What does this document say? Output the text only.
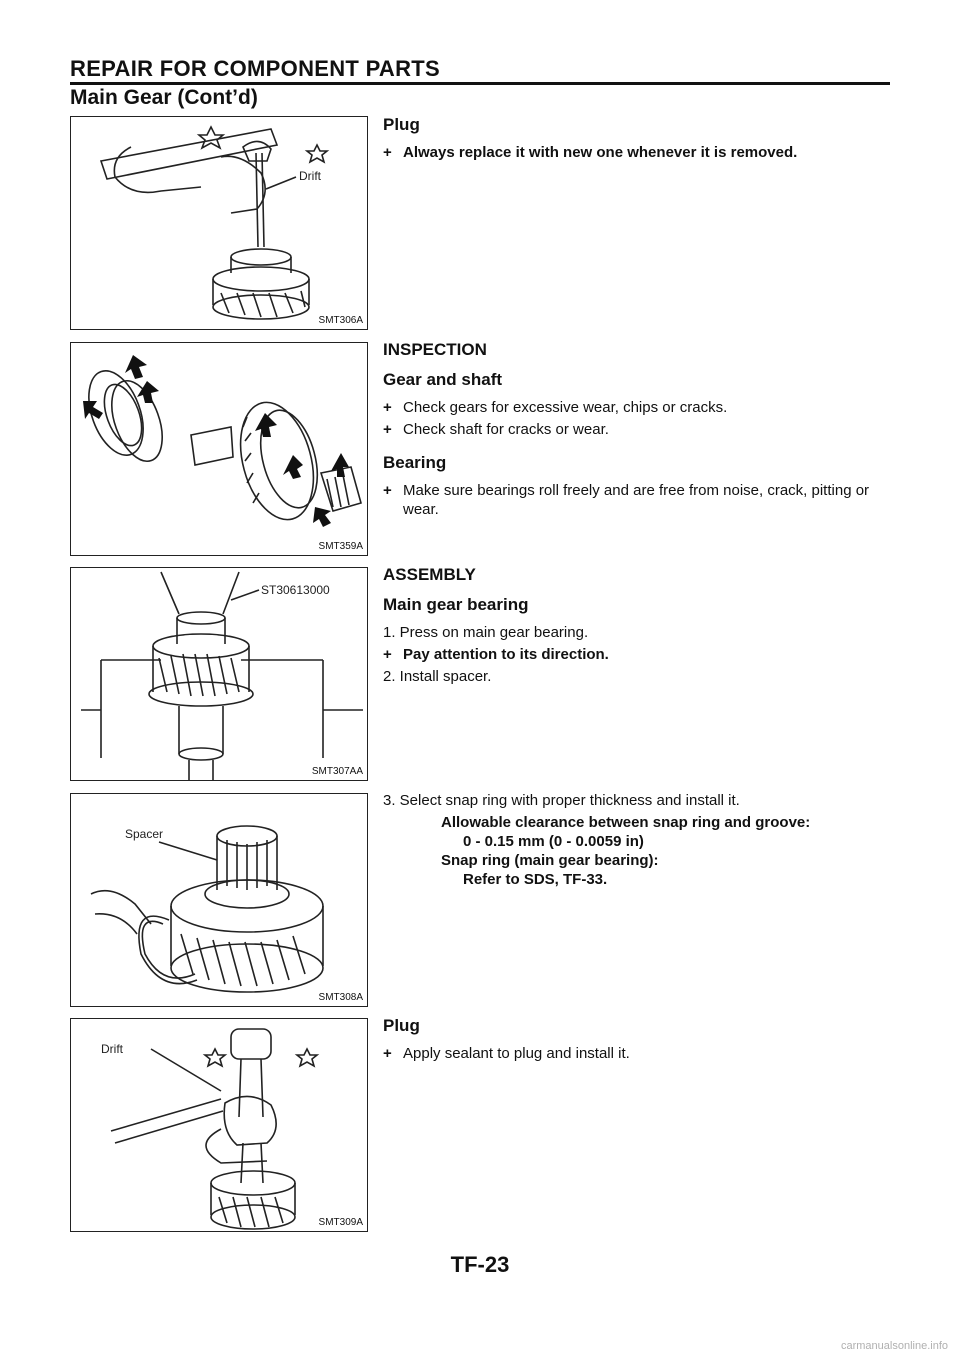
REPAIR FOR COMPONENT PARTS
Main Gear (Cont’d)
Drift
SMT306A
SMT359A
ST30613000
SMT307AA
Spacer
SMT308A
Drift
SMT309A
Plug
+ Always replace it with new one whenever it is removed.
INSPECTION
Gear and shaft
+ Check gears for excessive wear, chips or cracks.
+ Check shaft for cracks or wear.
Bearing
+ Make sure bearings roll freely and are free from noise, crack, pitting or wear.
ASSEMBLY
Main gear bearing
1. Press on main gear bearing.
+ Pay attention to its direction.
2. Install spacer.
3. Select snap ring with proper thickness and install it.
Allowable clearance between snap ring and groove:
0 - 0.15 mm (0 - 0.0059 in)
Snap ring (main gear bearing):
Refer to SDS, TF-33.
Plug
+ Apply sealant to plug and install it.
TF-23
carmanualsonline.info
